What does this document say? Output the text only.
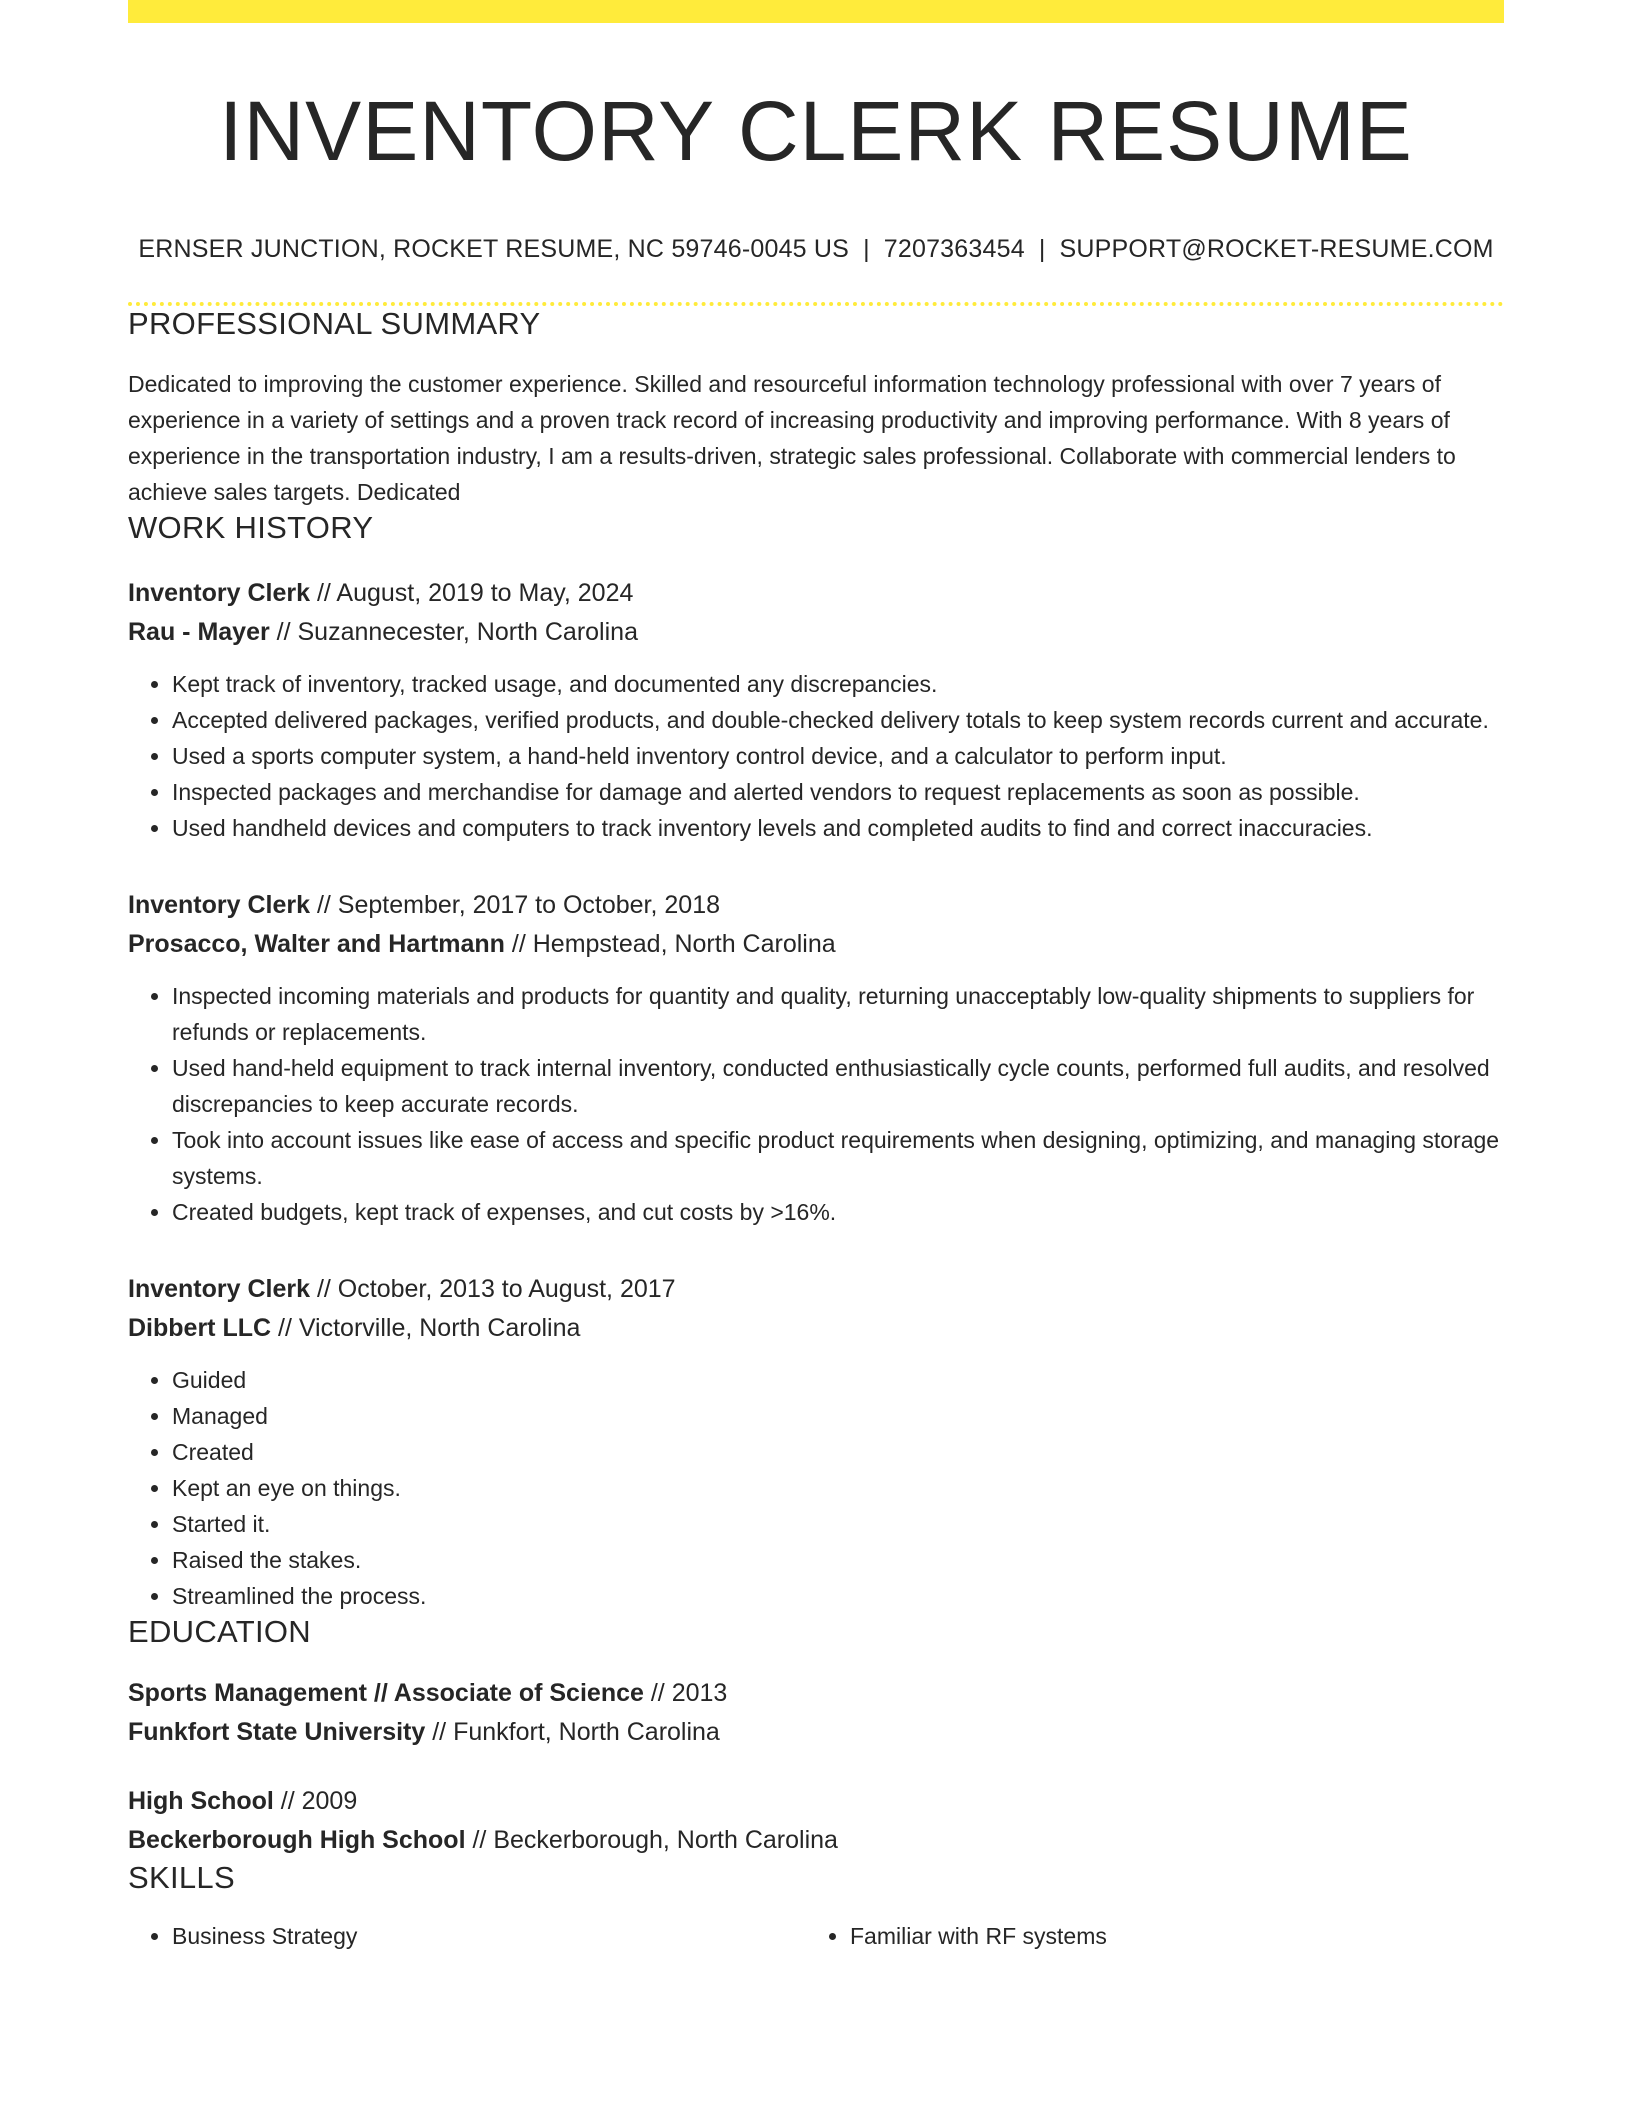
INVENTORY CLERK RESUME
ERNSER JUNCTION, ROCKET RESUME, NC 59746-0045 US | 7207363454 | SUPPORT@ROCKET-RESUME.COM
PROFESSIONAL SUMMARY

Dedicated to improving the customer experience. Skilled and resourceful information technology professional with over 7 years of experience in a variety of settings and a proven track record of increasing productivity and improving performance. With 8 years of experience in the transportation industry, I am a results-driven, strategic sales professional. Collaborate with commercial lenders to achieve sales targets. Dedicated

WORK HISTORY
Inventory Clerk // August, 2019 to May, 2024
Rau - Mayer // Suzannecester, North Carolina
• Kept track of inventory, tracked usage, and documented any discrepancies.
• Accepted delivered packages, verified products, and double-checked delivery totals to keep system records current and accurate.
• Used a sports computer system, a hand-held inventory control device, and a calculator to perform input.
• Inspected packages and merchandise for damage and alerted vendors to request replacements as soon as possible.
• Used handheld devices and computers to track inventory levels and completed audits to find and correct inaccuracies.
Inventory Clerk // September, 2017 to October, 2018
Prosacco, Walter and Hartmann // Hempstead, North Carolina
• Inspected incoming materials and products for quantity and quality, returning unacceptably low-quality shipments to suppliers for refunds or replacements.
• Used hand-held equipment to track internal inventory, conducted enthusiastically cycle counts, performed full audits, and resolved discrepancies to keep accurate records.
• Took into account issues like ease of access and specific product requirements when designing, optimizing, and managing storage systems.
• Created budgets, kept track of expenses, and cut costs by >16%.
Inventory Clerk // October, 2013 to August, 2017
Dibbert LLC // Victorville, North Carolina
• Guided
• Managed
• Created
• Kept an eye on things.
• Started it.
• Raised the stakes.
• Streamlined the process.
EDUCATION
Sports Management // Associate of Science // 2013
Funkfort State University // Funkfort, North Carolina
High School // 2009
Beckerborough High School // Beckerborough, North Carolina
SKILLS
• Business Strategy
•	Familiar with RF systems
